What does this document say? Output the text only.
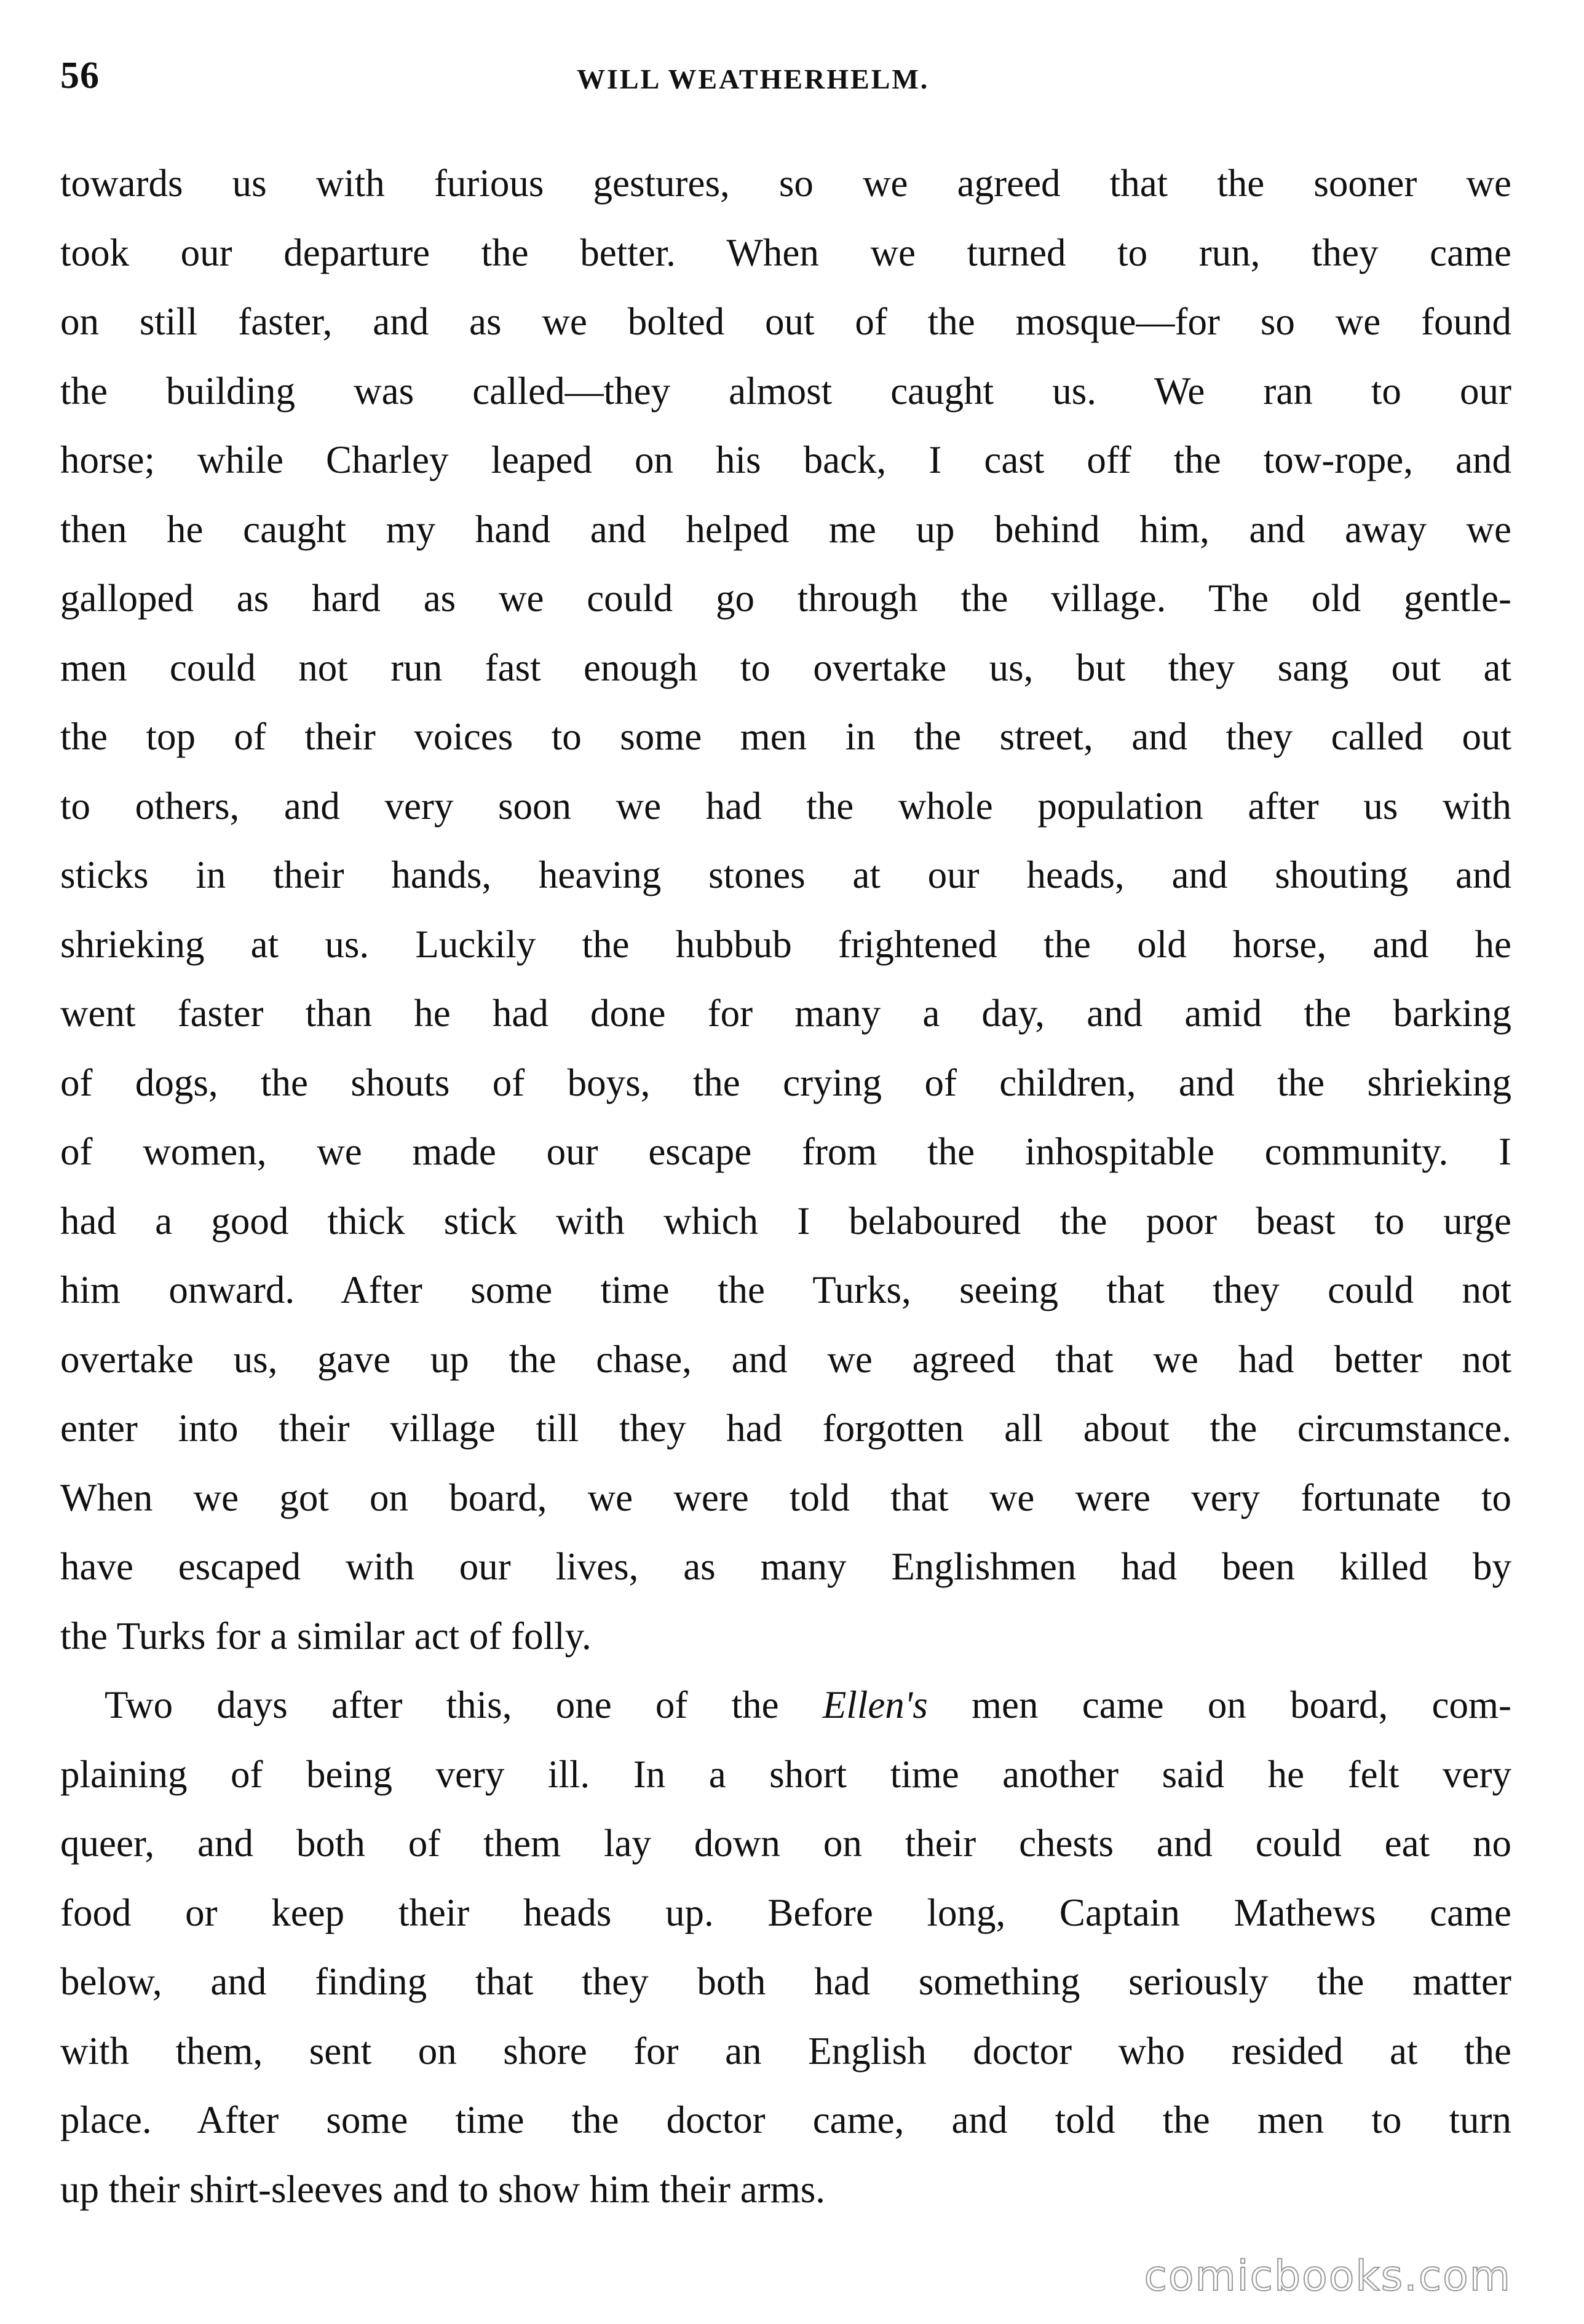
56	WILL WEATHERHELM.
towards us with furious gestures, so we agreed that the sooner we
took our departure the better. When we turned to run, they came
on still faster, and as we bolted out of the mosque—for so we found
the building was called—they almost caught us. We ran to our
horse; while Charley leaped on his back, I cast off the tow-rope, and
then he caught my hand and helped me up behind him, and away we
galloped as hard as we could go through the village. The old gentle-
men could not run fast enough to overtake us, but they sang out at
the top of their voices to some men in the street, and they called out
to others, and very soon we had the whole population after us with
sticks in their hands, heaving stones at our heads, and shouting and
shrieking at us. Luckily the hubbub frightened the old horse, and he
went faster than he had done for many a day, and amid the barking
of dogs, the shouts of boys, the crying of children, and the shrieking
of women, we made our escape from the inhospitable community. I
had a good thick stick with which I belaboured the poor beast to urge
him onward. After some time the Turks, seeing that they could not
overtake us, gave up the chase, and we agreed that we had better not
enter into their village till they had forgotten all about the circumstance.
When we got on board, we were told that we were very fortunate to
have escaped with our lives, as many Englishmen had been killed by
the Turks for a similar act of folly.
Two days after this, one of the Ellen's men came on board, com-
plaining of being very ill. In a short time another said he felt very
queer, and both of them lay down on their chests and could eat no
food or keep their heads up. Before long, Captain Mathews came
below, and finding that they both had something seriously the matter
with them, sent on shore for an English doctor who resided at the
place. After some time the doctor came, and told the men to turn
up their shirt-sleeves and to show him their arms.
comicbooks.com
